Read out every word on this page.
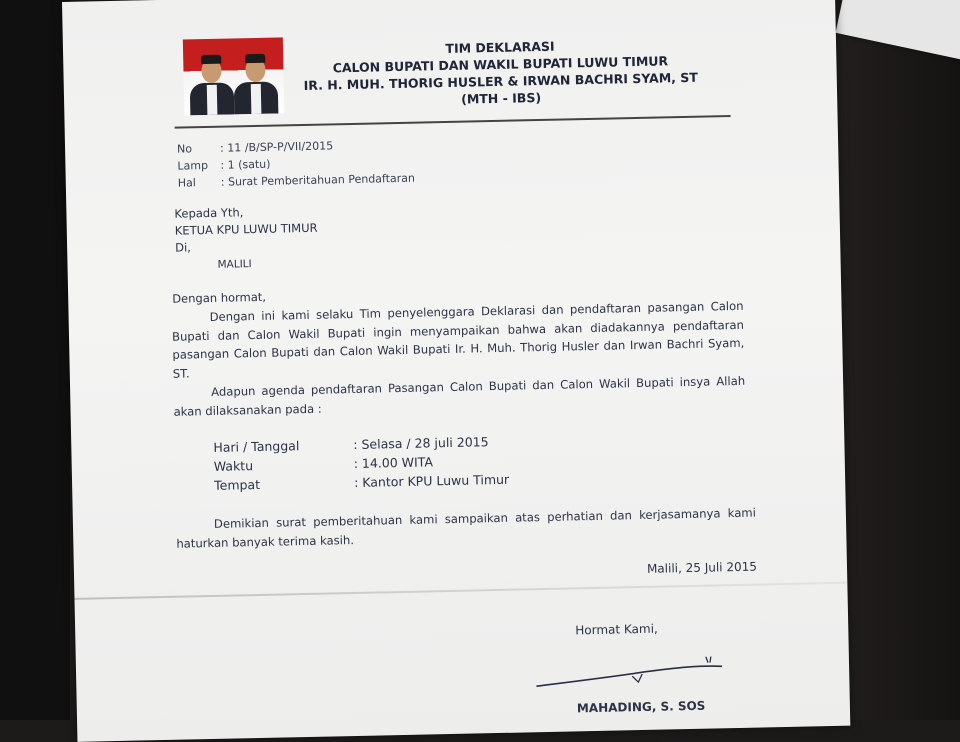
TIM DEKLARASI
CALON BUPATI DAN WAKIL BUPATI LUWU TIMUR
IR. H. MUH. THORIG HUSLER & IRWAN BACHRI SYAM, ST
(MTH - IBS)
No	: 11 /B/SP-P/VII/2015
Lamp : 1 (satu)
Hal : Surat Pemberitahuan Pendaftaran
Kepada Yth,
KETUA KPU LUWU TIMUR
Di,
MALILI
Dengan hormat,
Dengan ini kami selaku Tim penyelenggara Deklarasi dan pendaftaran pasangan Calon Bupati dan Calon Wakil Bupati ingin menyampaikan bahwa akan diadakannya pendaftaran pasangan Calon Bupati dan Calon Wakil Bupati Ir. H. Muh. Thorig Husler dan Irwan Bachri Syam, ST.
Adapun agenda pendaftaran Pasangan Calon Bupati dan Calon Wakil Bupati insya Allah akan dilaksanakan pada :
Hari / Tanggal	: Selasa / 28 juli 2015
Waktu	: 14.00 WITA
Tempat	: Kantor KPU Luwu Timur
Demikian surat pemberitahuan kami sampaikan atas perhatian dan kerjasamanya kami haturkan banyak terima kasih.
Malili, 25 Juli 2015
Hormat Kami,
MAHADING, S. SOS
